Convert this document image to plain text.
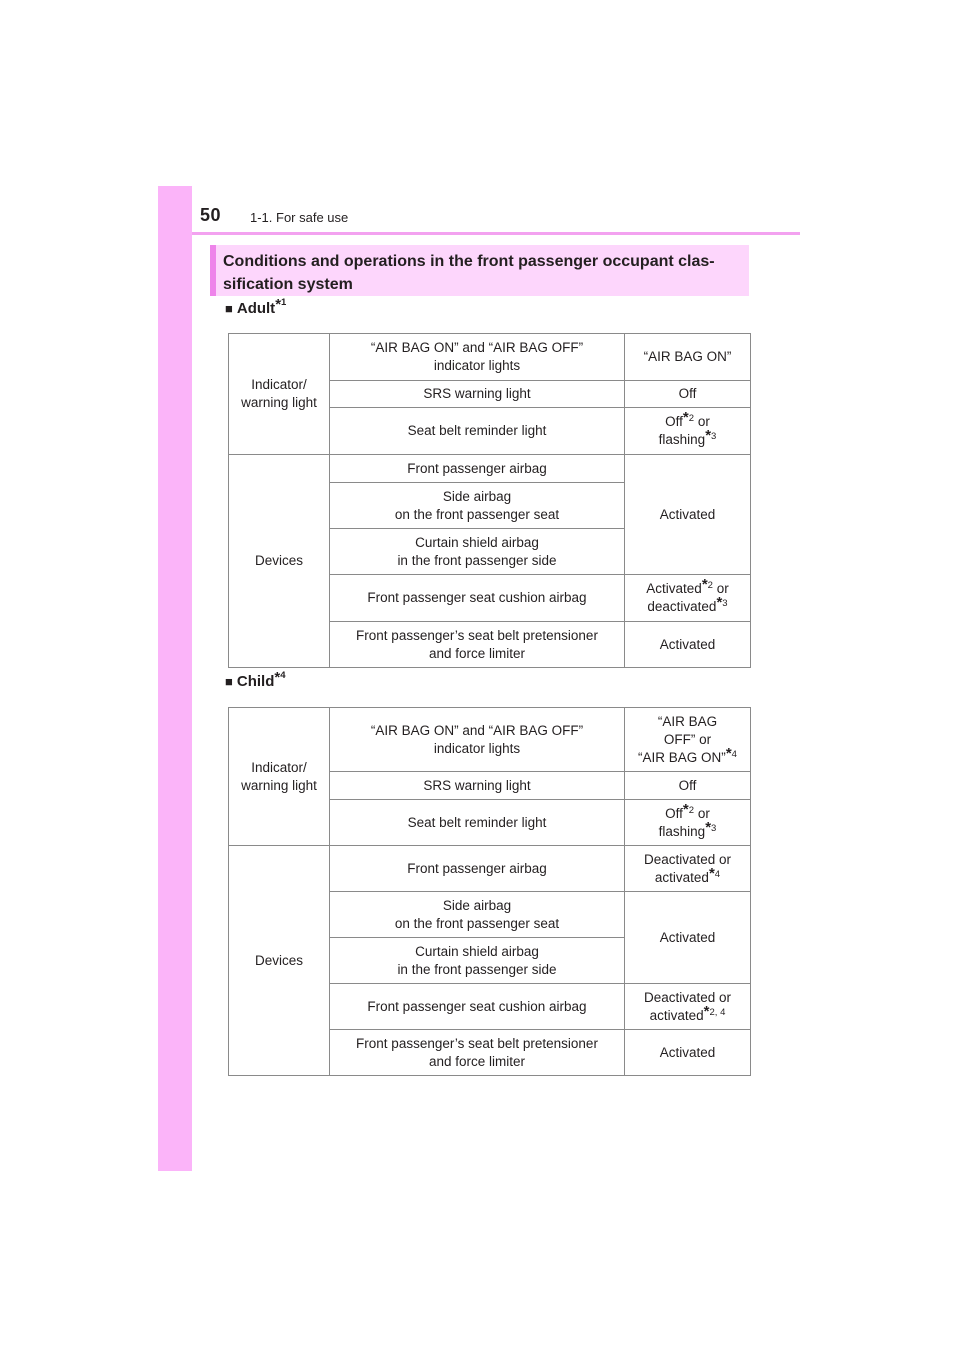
50 1-1. For safe use
Conditions and operations in the front passenger occupant clas-
sification system
■ Adult*$^1$
Indicator/
warning light	“AIR BAG ON” and “AIR BAG OFF”
indicator lights	“AIR BAG ON”
	SRS warning light	Off
	Seat belt reminder light	Off*$^2$ or
flashing*$^3$
Devices	Front passenger airbag	Activated
	Side airbag
on the front passenger seat	
	Curtain shield airbag
in the front passenger side	
	Front passenger seat cushion airbag	Activated*$^2$ or
deactivated*$^3$
	Front passenger’s seat belt pretensioner
and force limiter	Activated
■ Child*$^4$
Indicator/
warning light	“AIR BAG ON” and “AIR BAG OFF”
indicator lights	“AIR BAG
OFF” or
“AIR BAG ON”*$^4$
	SRS warning light	Off
	Seat belt reminder light	Off*$^2$ or
flashing*$^3$
Devices	Front passenger airbag	Deactivated or
activated*$^4$
	Side airbag
on the front passenger seat	Activated
	Curtain shield airbag
in the front passenger side	
	Front passenger seat cushion airbag	Deactivated or
activated*$^{2, 4}$
	Front passenger’s seat belt pretensioner
and force limiter	Activated
